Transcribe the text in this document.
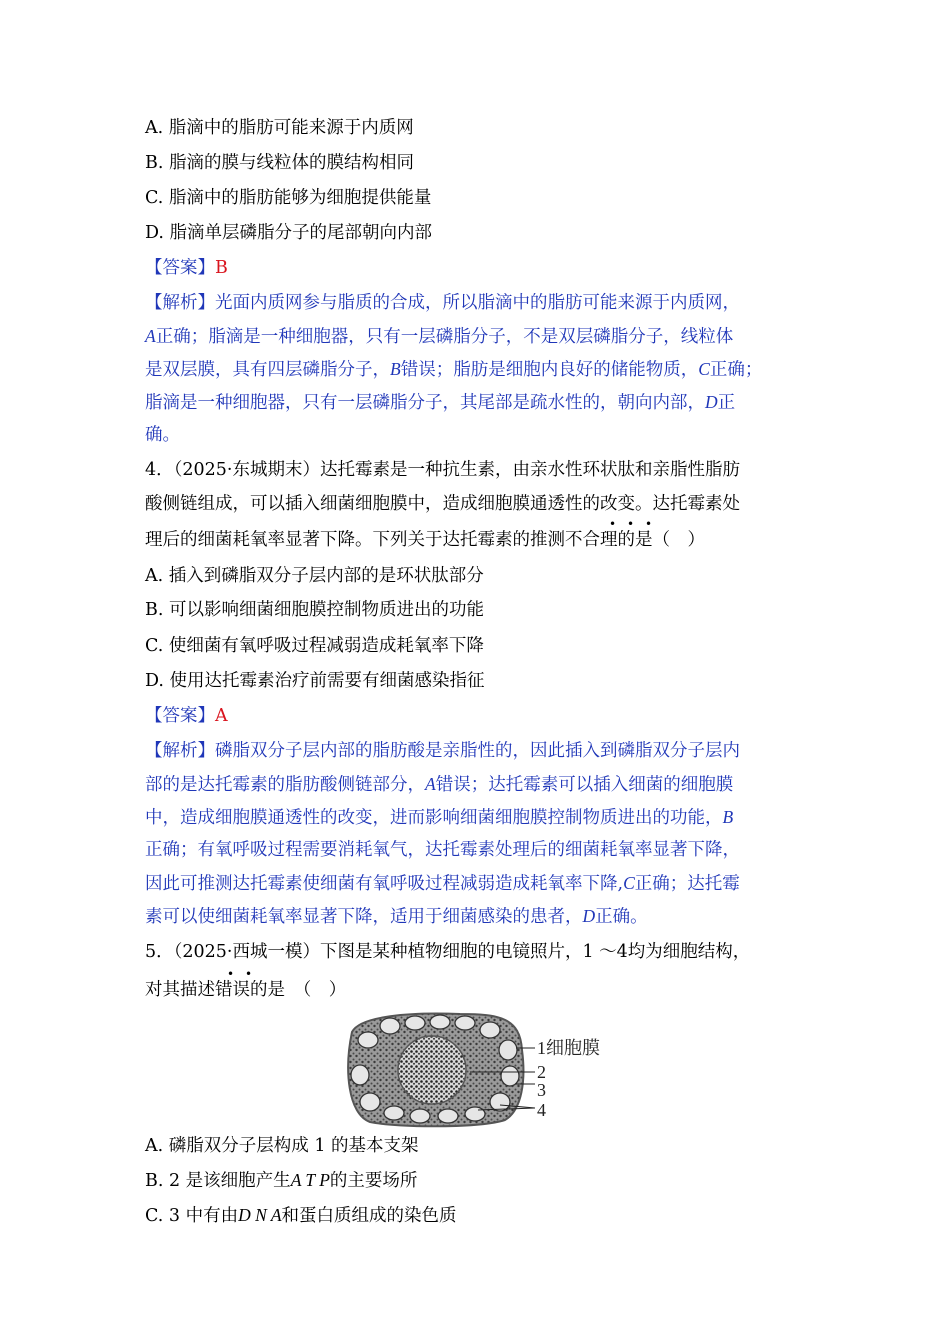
A. 脂滴中的脂肪可能来源于内质网
B. 脂滴的膜与线粒体的膜结构相同
C. 脂滴中的脂肪能够为细胞提供能量
D. 脂滴单层磷脂分子的尾部朝向内部
【答案】B
【解析】光面内质网参与脂质的合成，所以脂滴中的脂肪可能来源于内质网，
A正确；脂滴是一种细胞器，只有一层磷脂分子，不是双层磷脂分子，线粒体
是双层膜，具有四层磷脂分子，B错误；脂肪是细胞内良好的储能物质，C正确；
脂滴是一种细胞器，只有一层磷脂分子，其尾部是疏水性的，朝向内部，D正
确。
4．（2025·东城期末）达托霉素是一种抗生素，由亲水性环状肽和亲脂性脂肪
酸侧链组成，可以插入细菌细胞膜中，造成细胞膜通透性的改变。达托霉素处
理后的细菌耗氧率显著下降。下列关于达托霉素的推测不合理的是（　）
• • •
A. 插入到磷脂双分子层内部的是环状肽部分
B. 可以影响细菌细胞膜控制物质进出的功能
C. 使细菌有氧呼吸过程减弱造成耗氧率下降
D. 使用达托霉素治疗前需要有细菌感染指征
【答案】A
【解析】磷脂双分子层内部的脂肪酸是亲脂性的，因此插入到磷脂双分子层内
部的是达托霉素的脂肪酸侧链部分，A错误；达托霉素可以插入细菌的细胞膜
中，造成细胞膜通透性的改变，进而影响细菌细胞膜控制物质进出的功能，B
正确；有氧呼吸过程需要消耗氧气，达托霉素处理后的细菌耗氧率显著下降，
因此可推测达托霉素使细菌有氧呼吸过程减弱造成耗氧率下降,C正确；达托霉
素可以使细菌耗氧率显著下降，适用于细菌感染的患者，D正确。
5．（2025·西城一模）下图是某种植物细胞的电镜照片，1 ～4均为细胞结构，
对其描述错误的是　（　）
• •
1细胞膜
2
3
4
A. 磷脂双分子层构成 1 的基本支架
B. 2 是该细胞产生A T P的主要场所
C. 3 中有由D N A和蛋白质组成的染色质
